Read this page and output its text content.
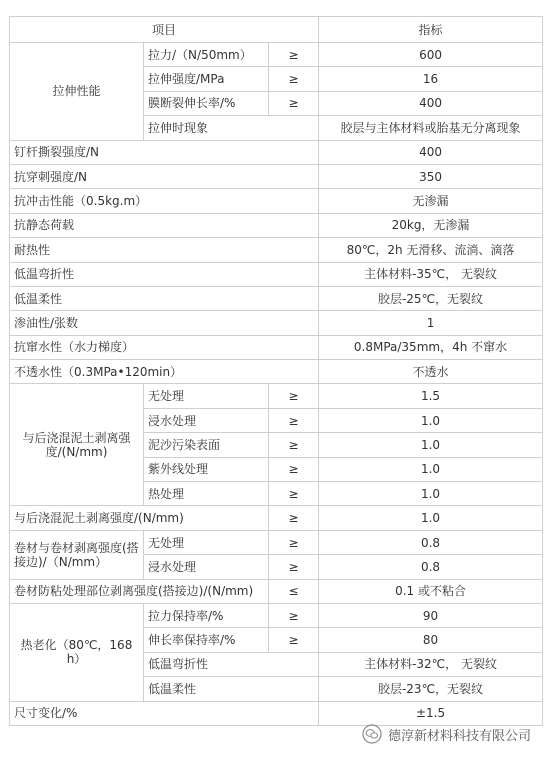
项目			指标
拉伸性能	拉力/（N/50mm）	≥	600
	拉伸强度/MPa	≥	16
	膜断裂伸长率/%	≥	400
	拉伸时现象		胶层与主体材料或胎基无分离现象
钉杆撕裂强度/N			400
抗穿刺强度/N			350
抗冲击性能（0.5kg.m）			无渗漏
抗静态荷载			20kg，无渗漏
耐热性			80℃，2h 无滑移、流淌、滴落
低温弯折性			主体材料-35℃， 无裂纹
低温柔性			胶层-25℃，无裂纹
渗油性/张数			1
抗窜水性（水力梯度）			0.8MPa/35mm，4h 不窜水
不透水性（0.3MPa•120min）			不透水
与后浇混泥土剥离强度/(N/mm)	无处理	≥	1.5
	浸水处理	≥	1.0
	泥沙污染表面	≥	1.0
	紫外线处理	≥	1.0
	热处理	≥	1.0
与后浇混泥土剥离强度/(N/mm)		≥	1.0
卷材与卷材剥离强度(搭接边)/（N/mm）	无处理	≥	0.8
	浸水处理	≥	0.8
卷材防粘处理部位剥离强度(搭接边)/(N/mm)		≤	0.1 或不粘合
热老化（80℃，168 h）	拉力保持率/%	≥	90
	伸长率保持率/%	≥	80
	低温弯折性		主体材料-32℃， 无裂纹
	低温柔性		胶层-23℃，无裂纹
尺寸变化/%			±1.5
德淳新材料科技有限公司
